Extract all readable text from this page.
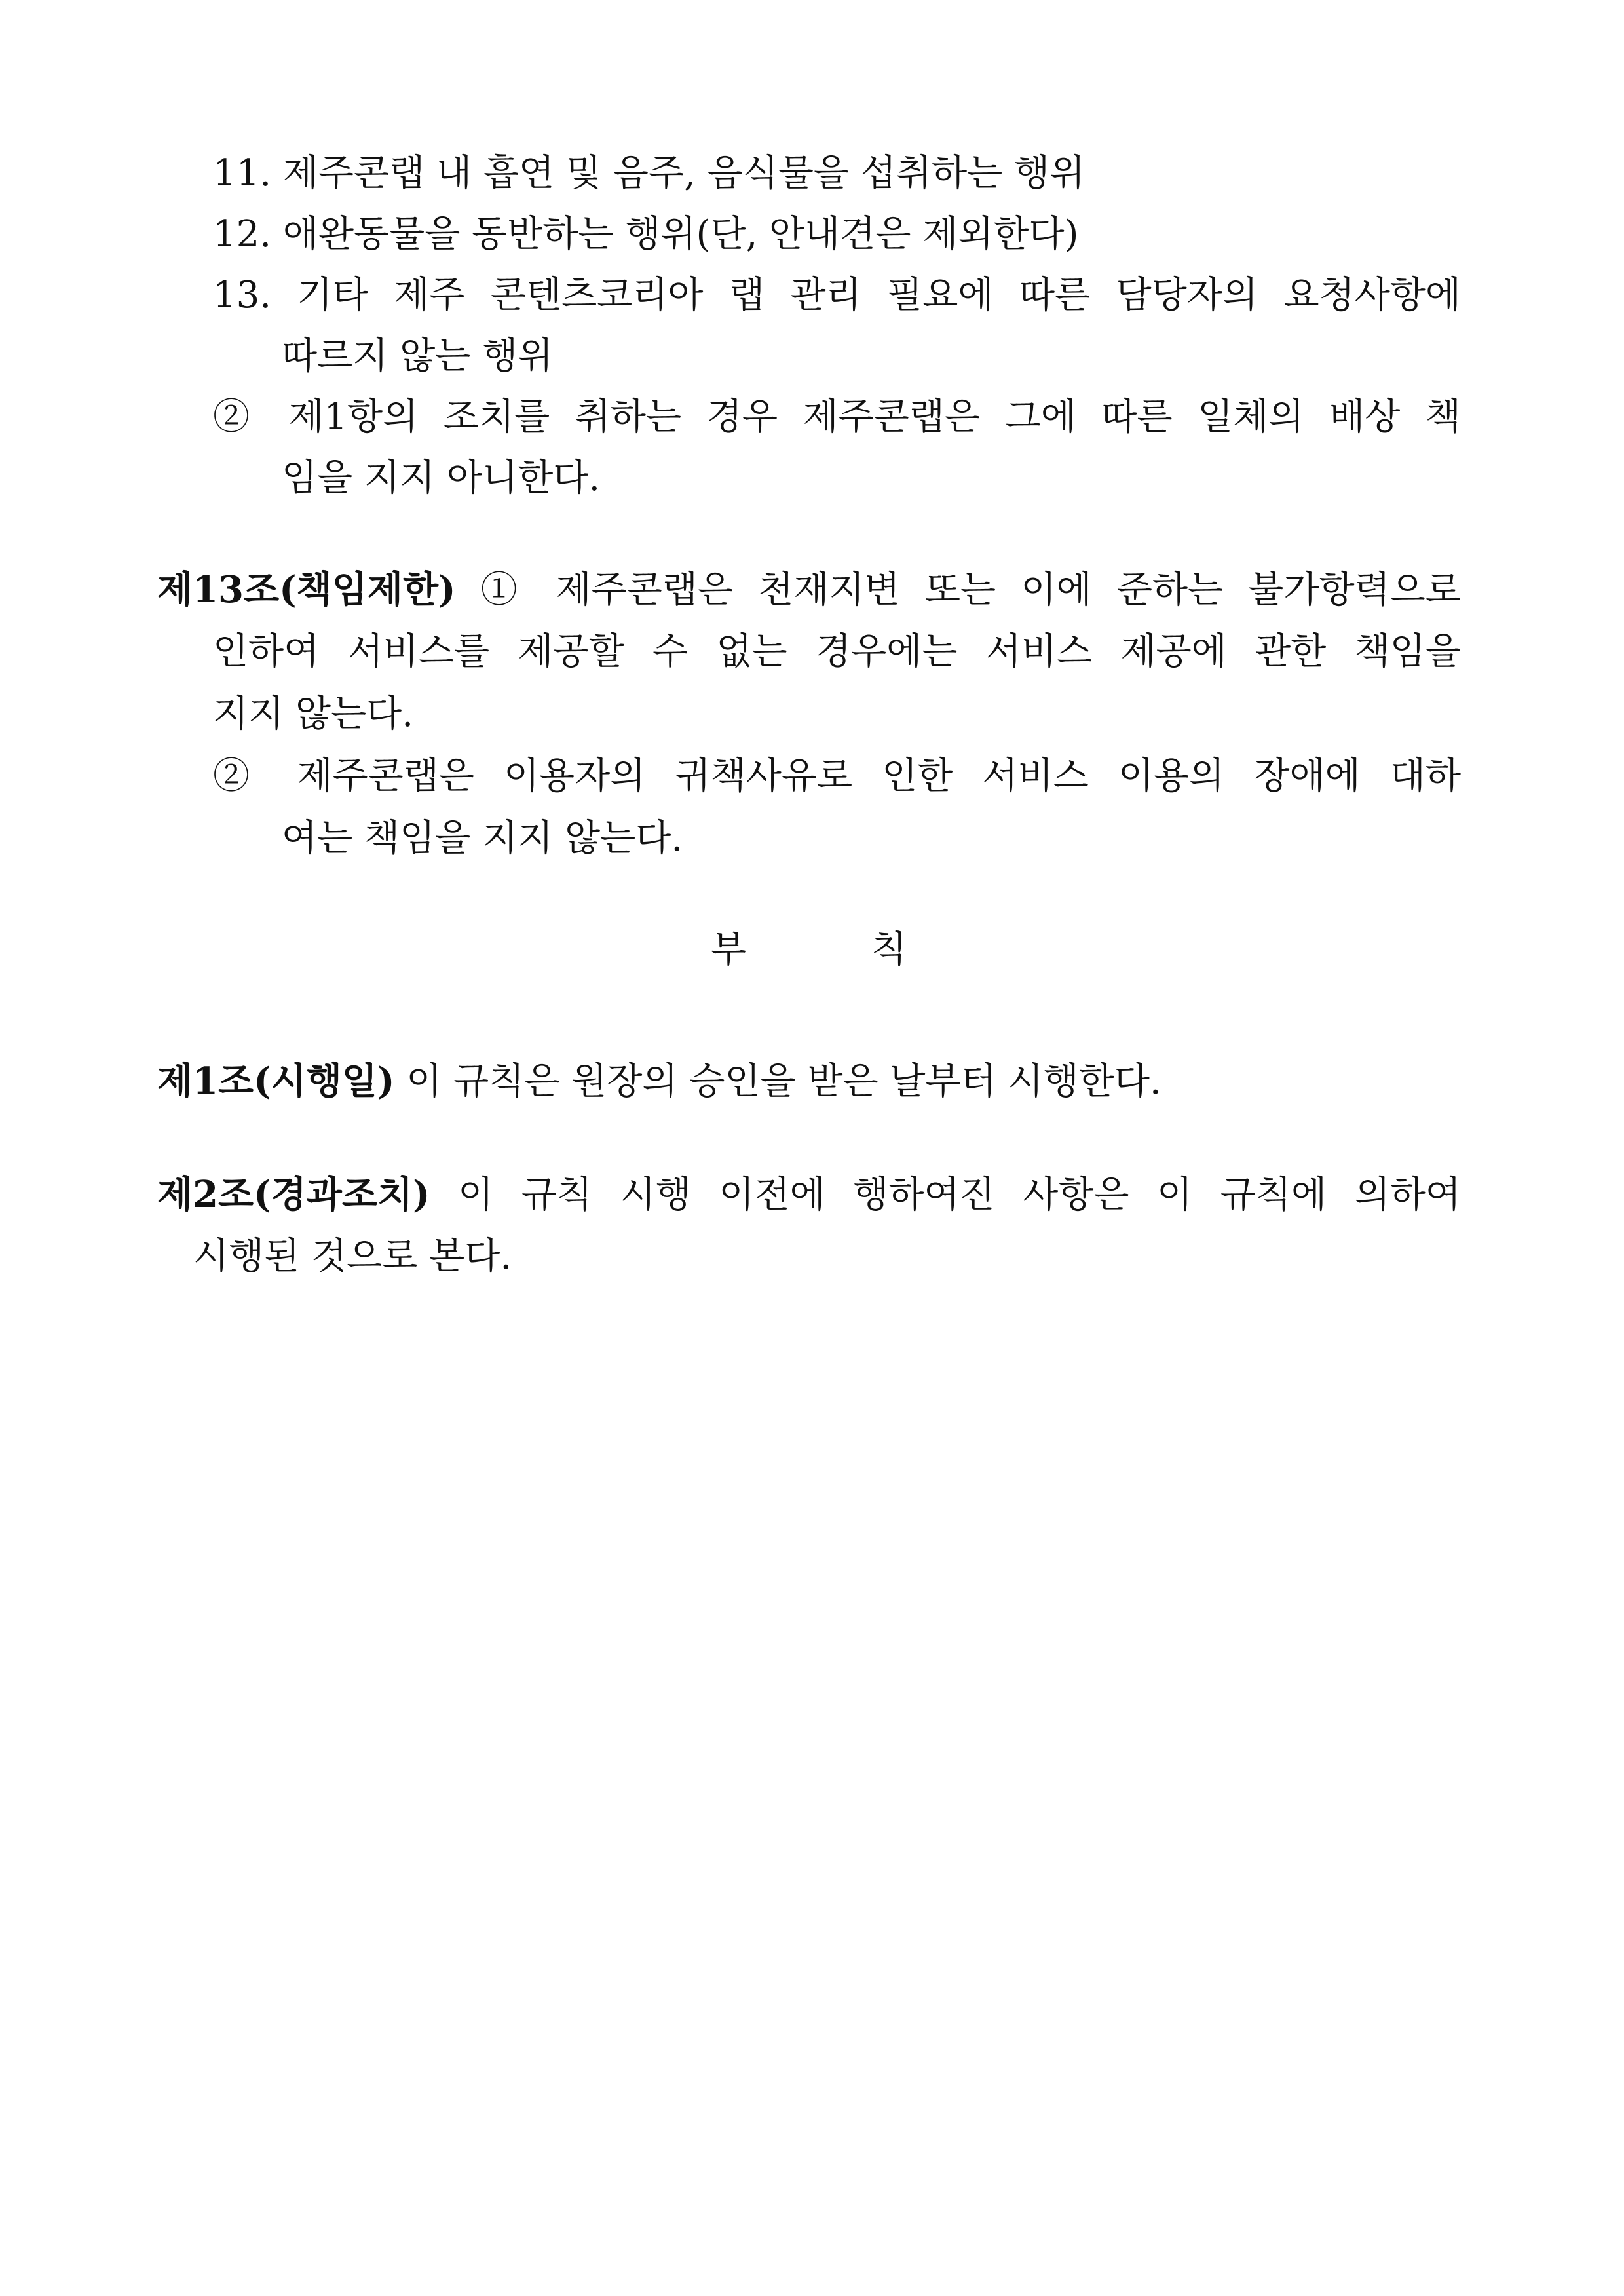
11. 제주콘랩 내 흡연 및 음주, 음식물을 섭취하는 행위
12. 애완동물을 동반하는 행위(단, 안내견은 제외한다)
13. 기타 제주 콘텐츠코리아 랩 관리 필요에 따른 담당자의 요청사항에
따르지 않는 행위
② 제1항의 조치를 취하는 경우 제주콘랩은 그에 따른 일체의 배상 책
임을 지지 아니한다.
제13조(책임제한) ① 제주콘랩은 천재지변 또는 이에 준하는 불가항력으로
인하여 서비스를 제공할 수 없는 경우에는 서비스 제공에 관한 책임을
지지 않는다.
② 제주콘랩은 이용자의 귀책사유로 인한 서비스 이용의 장애에 대하
여는 책임을 지지 않는다.
부	칙
제1조(시행일) 이 규칙은 원장의 승인을 받은 날부터 시행한다.
제2조(경과조치) 이 규칙 시행 이전에 행하여진 사항은 이 규칙에 의하여
시행된 것으로 본다.
